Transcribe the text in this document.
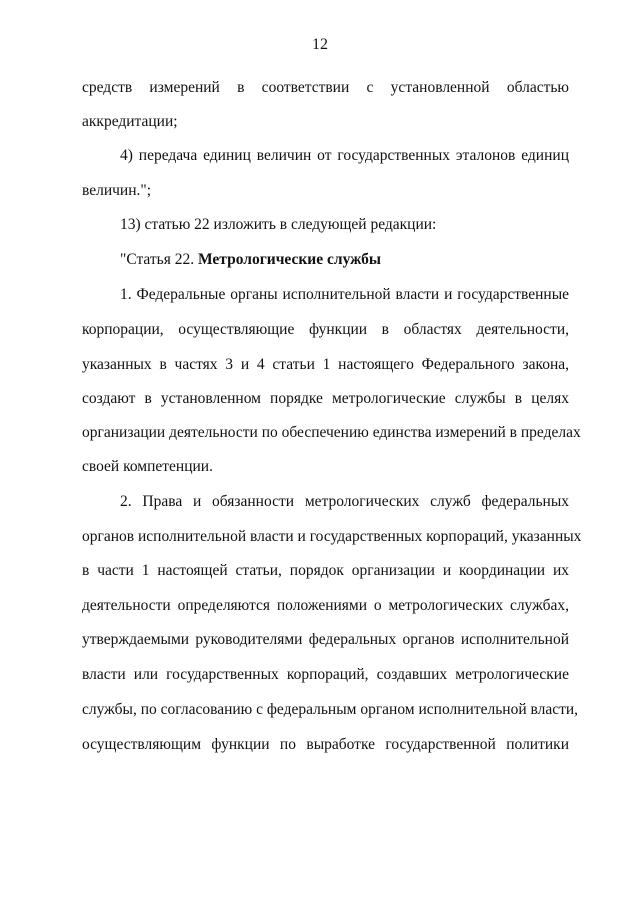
12
средств измерений в соответствии с установленной областью
аккредитации;
4) передача единиц величин от государственных эталонов единиц
величин.";
13) статью 22 изложить в следующей редакции:
"Статья 22. Метрологические службы
1. Федеральные органы исполнительной власти и государственные
корпорации, осуществляющие функции в областях деятельности,
указанных в частях 3 и 4 статьи 1 настоящего Федерального закона,
создают в установленном порядке метрологические службы в целях
организации деятельности по обеспечению единства измерений в пределах
своей компетенции.
2. Права и обязанности метрологических служб федеральных
органов исполнительной власти и государственных корпораций, указанных
в части 1 настоящей статьи, порядок организации и координации их
деятельности определяются положениями о метрологических службах,
утверждаемыми руководителями федеральных органов исполнительной
власти или государственных корпораций, создавших метрологические
службы, по согласованию с федеральным органом исполнительной власти,
осуществляющим функции по выработке государственной политики
